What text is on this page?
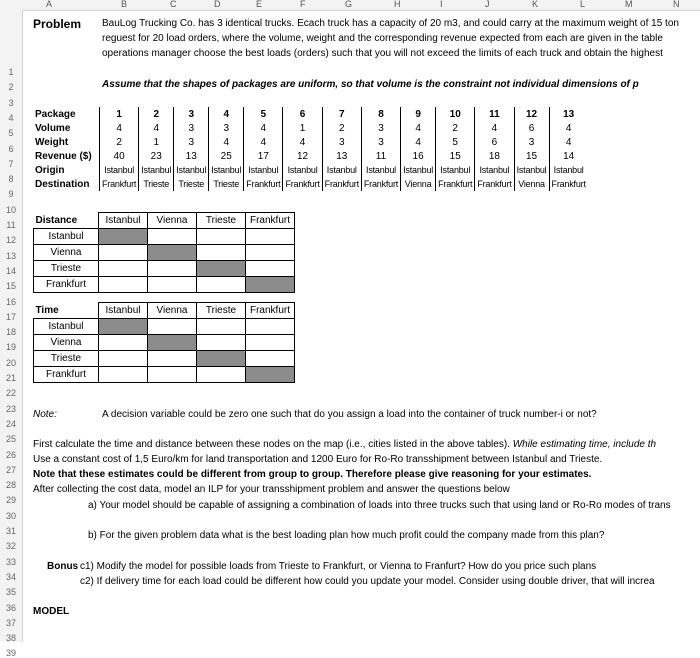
A	B	C	D	E	F	G	H	I	J	K	L	M	N
1
2
3
4
5
6
7
8
9
10
11
12
13
14
15
16
17
18
19
20
21
22
23
24
25
26
27
28
29
30
31
32
33
34
35
36
37
38
39
Problem BauLog Trucking Co. has 3 identical trucks. Ecach truck has a capacity of 20 m3, and could carry at the maximum weight of 15 ton
reguest for 20 load orders, where the volume, weight and the corresponding revenue expected from each are given in the table
operations manager choose the best loads (orders) such that you will not exceed the limits of each truck and obtain the highest
Assume that the shapes of packages are uniform, so that volume is the constraint not individual dimensions of p
Package	1	2	3	4	5	6	7	8	9	10	11	12	13
Volume	4	4	3	3	4	1	2	3	4	2	4	6	4
Weight	2	1	3	4	4	4	3	3	4	5	6	3	4
Revenue ($)	40	23	13	25	17	12	13	11	16	15	18	15	14
Origin	Istanbul	Istanbul	Istanbul	Istanbul	Istanbul	Istanbul	Istanbul	Istanbul	Istanbul	Istanbul	Istanbul	Istanbul	Istanbul
Destination	Frankfurt	Trieste	Trieste	Trieste	Frankfurt	Frankfurt	Frankfurt	Frankfurt	Vienna	Frankfurt	Frankfurt	Vienna	Frankfurt
Distance	Istanbul	Vienna	Trieste	Frankfurt
Istanbul				
Vienna				
Trieste				
Frankfurt				
Time	Istanbul	Vienna	Trieste	Frankfurt
Istanbul				
Vienna				
Trieste				
Frankfurt				
Note:	A decision variable could be zero one such that do you assign a load into the container of truck number-i or not?
First calculate the time and distance between these nodes on the map (i.e., cities listed in the above tables). While estimating time, include th
Use a constant cost of 1,5 Euro/km for land transportation and 1200 Euro for Ro-Ro transshipment between Istanbul and Trieste.
Note that these estimates could be different from group to group. Therefore please give reasoning for your estimates.
After collecting the cost data, model an ILP for your transshipment problem and answer the questions below
a) Your model should be capable of assigning a combination of loads into three trucks such that using land or Ro-Ro modes of trans
b) For the given problem data what is the best loading plan how much profit could the company made from this plan?
Bonus c1) Modify the model for possible loads from Trieste to Frankfurt, or Vienna to Franfurt? How do you price such plans
c2) If delivery time for each load could be different how could you update your model. Consider using double driver, that will increa
MODEL
